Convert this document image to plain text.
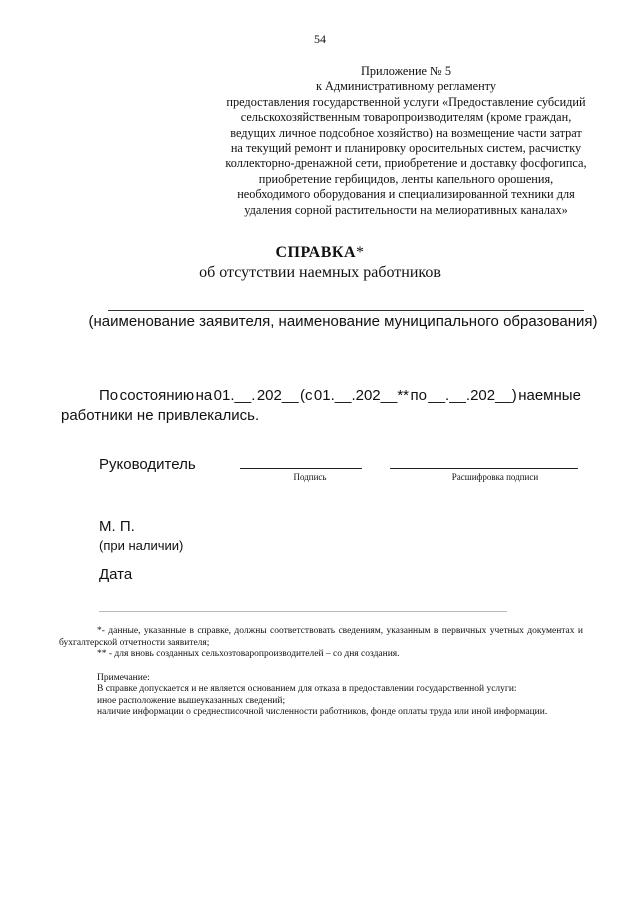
54
Приложение № 5
к Административному регламенту
предоставления государственной услуги «Предоставление субсидий
сельскохозяйственным товаропроизводителям (кроме граждан,
ведущих личное подсобное хозяйство) на возмещение части затрат
на текущий ремонт и планировку оросительных систем, расчистку
коллекторно-дренажной сети, приобретение и доставку фосфогипса,
приобретение гербицидов, ленты капельного орошения,
необходимого оборудования и специализированной техники для
удаления сорной растительности на мелиоративных каналах»
СПРАВКА*
об отсутствии наемных работников
(наименование заявителя, наименование муниципального образования)
По состоянию на 01.__. 202__ (с 01.__.202__** по __.__.202__) наемные
работники не привлекались.
Руководитель
Подпись	Расшифровка подписи
М. П.
(при наличии)
Дата
*- данные, указанные в справке, должны соответствовать сведениям, указанным в первичных учетных документах и бухгалтерской отчетности заявителя;
** - для вновь созданных сельхозтоваропроизводителей – со дня создания.
Примечание:
В справке допускается и не является основанием для отказа в предоставлении государственной услуги:
иное расположение вышеуказанных сведений;
наличие информации о среднесписочной численности работников, фонде оплаты труда или иной информации.
